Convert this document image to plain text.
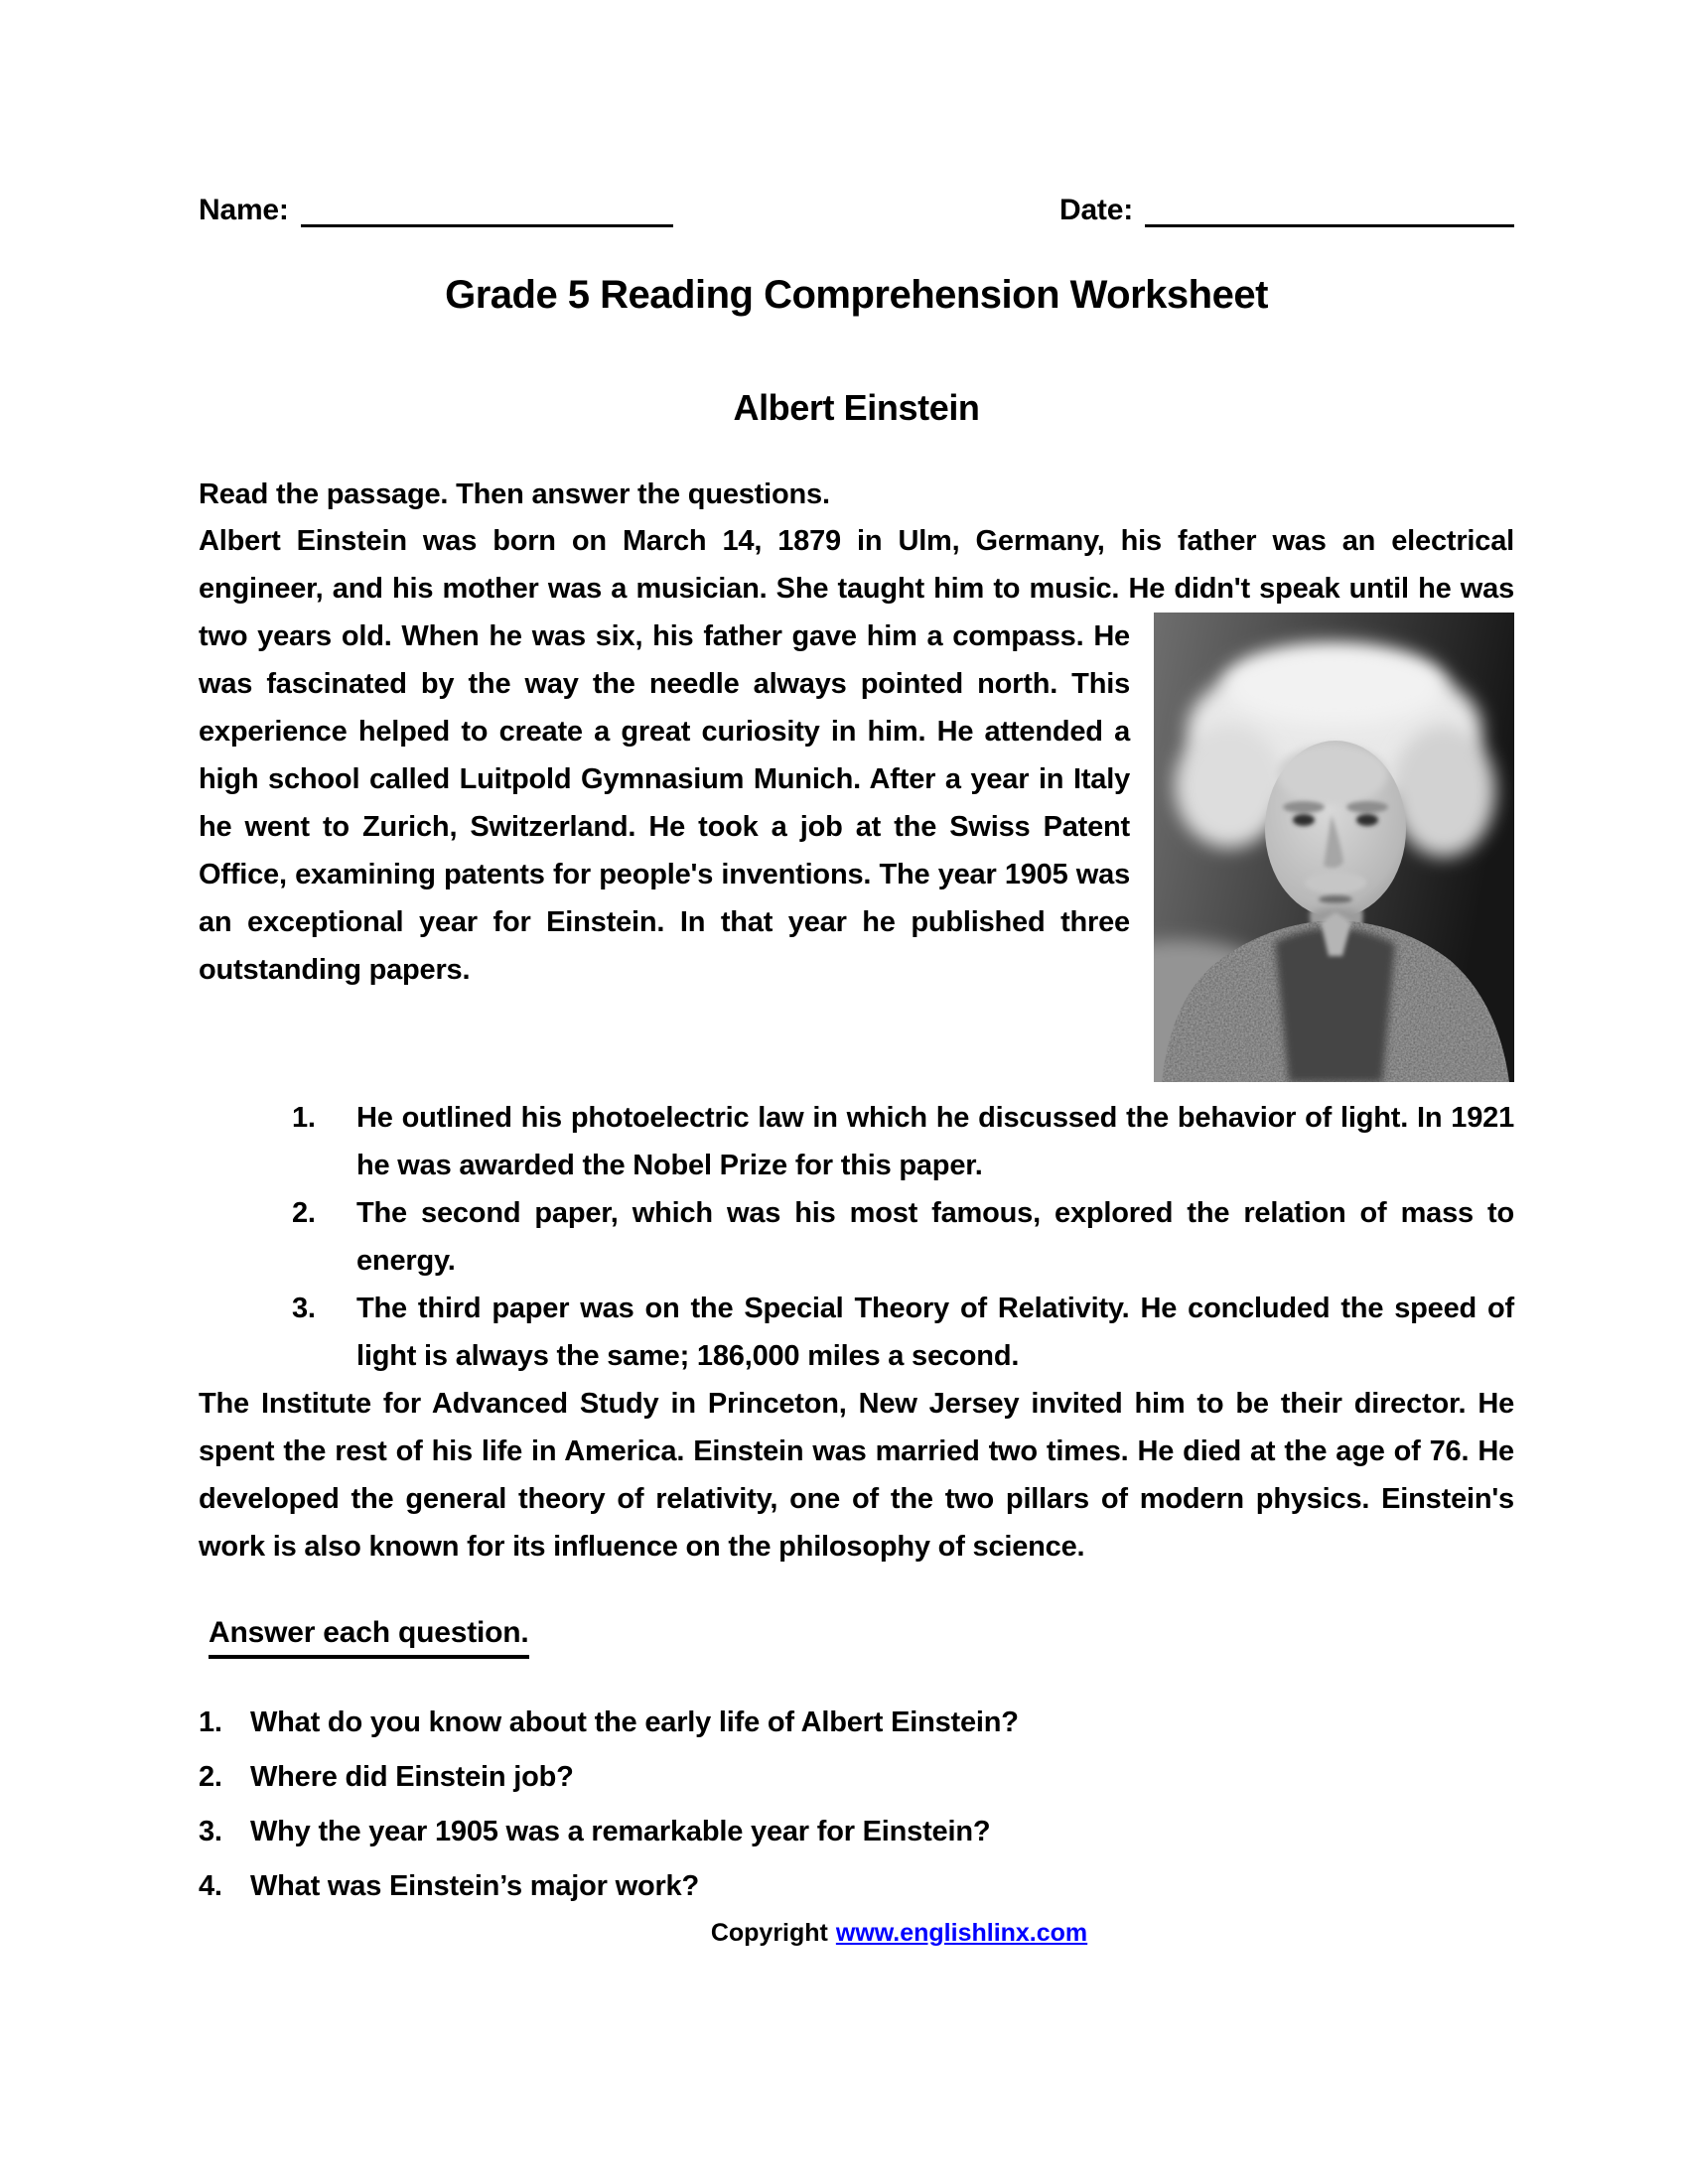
Name:	Date:
Grade 5 Reading Comprehension Worksheet
Albert Einstein
Read the passage. Then answer the questions.
Albert Einstein was born on March 14, 1879 in Ulm, Germany, his father was an electrical engineer, and his mother was a musician. She taught him to music. He didn't speak until he was two years old. When he was six, his father gave him a compass. He was fascinated by the way the needle always pointed north. This experience helped to create a great curiosity in him. He attended a high school called Luitpold Gymnasium Munich. After a year in Italy he went to Zurich, Switzerland. He took a job at the Swiss Patent Office, examining patents for people's inventions. The year 1905 was an exceptional year for Einstein. In that year he published three outstanding papers.
1.	He outlined his photoelectric law in which he discussed the behavior of light. In 1921 he was awarded the Nobel Prize for this paper.
2.	The second paper, which was his most famous, explored the relation of mass to energy.
3.	The third paper was on the Special Theory of Relativity. He concluded the speed of light is always the same; 186,000 miles a second.
The Institute for Advanced Study in Princeton, New Jersey invited him to be their director. He spent the rest of his life in America. Einstein was married two times. He died at the age of 76. He developed the general theory of relativity, one of the two pillars of modern physics. Einstein's work is also known for its influence on the philosophy of science.
Answer each question.
1. What do you know about the early life of Albert Einstein?
2. Where did Einstein job?
3. Why the year 1905 was a remarkable year for Einstein?
4. What was Einstein’s major work?
Copyright www.englishlinx.com
